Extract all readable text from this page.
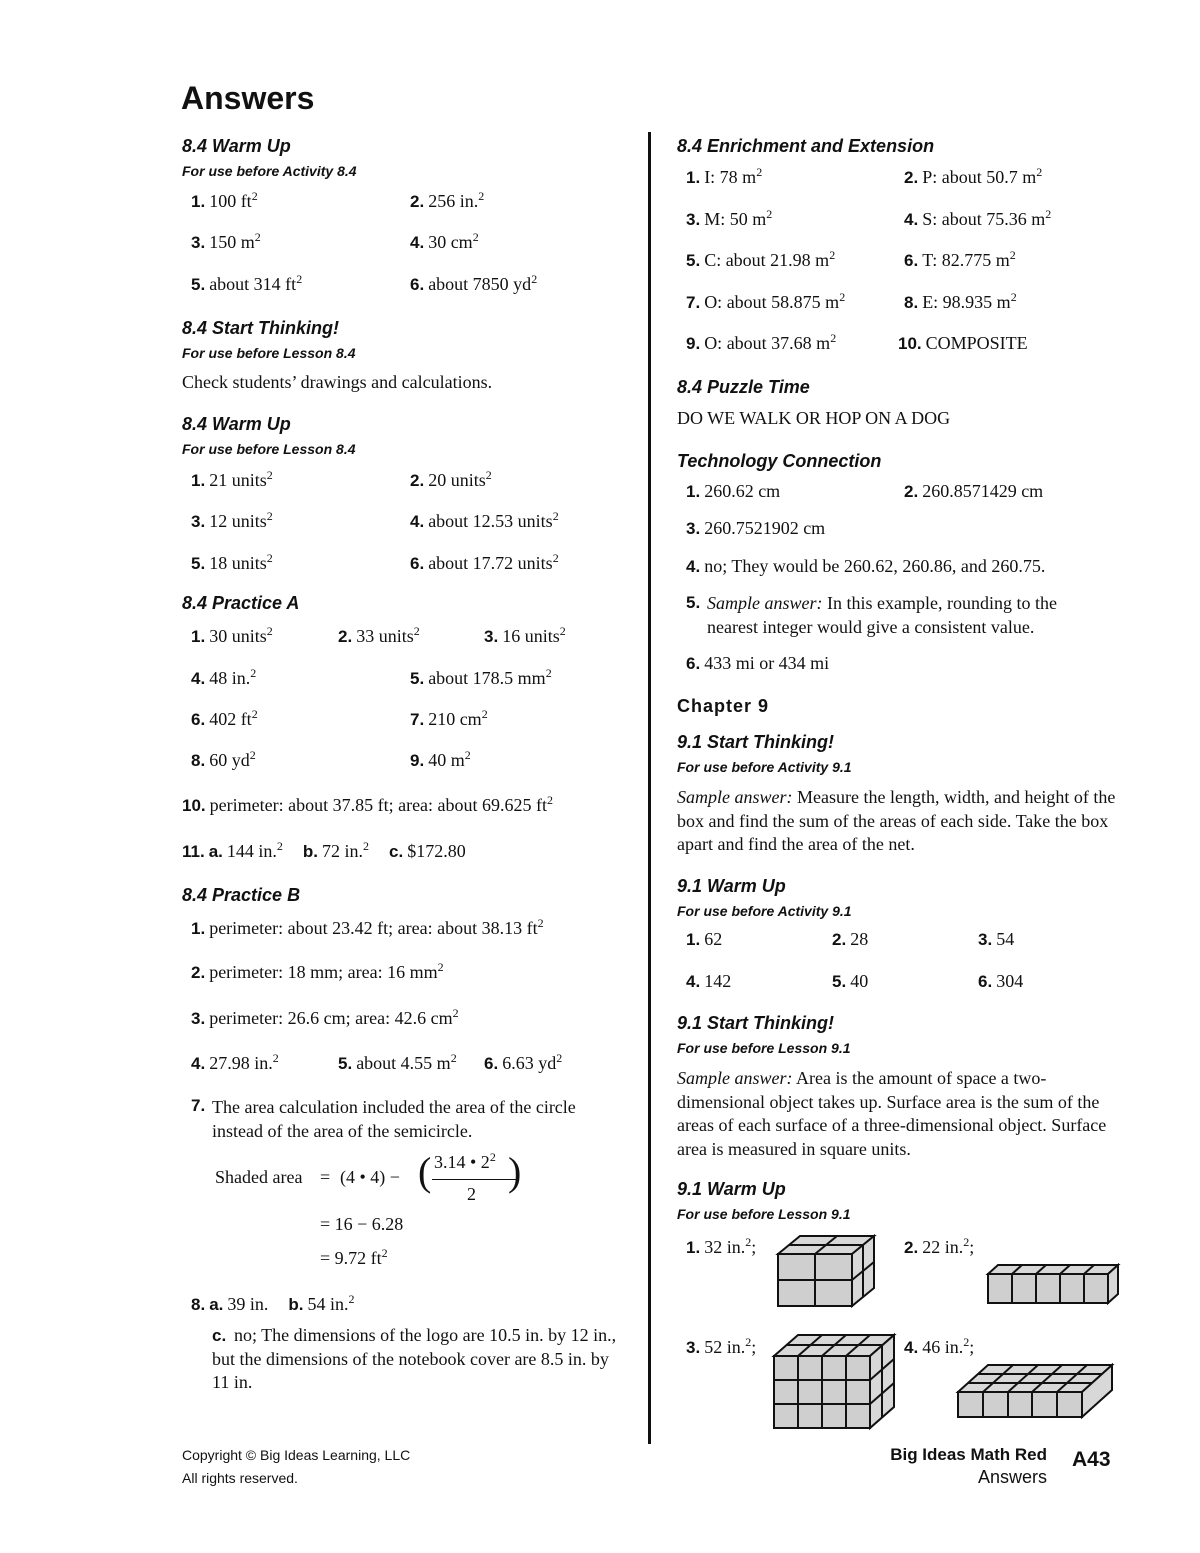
Answers
8.4 Warm Up
For use before Activity 8.4
1. 100 $ft^2$	2. 256 in.$^2$
3. 150 $m^2$	4. 30 $cm^2$
5. about 314 $ft^2$	6. about 7850 $yd^2$
8.4 Start Thinking!
For use before Lesson 8.4
Check students’ drawings and calculations.
8.4 Warm Up
For use before Lesson 8.4
1. 21 units$^2$	2. 20 units$^2$
3. 12 units$^2$	4. about 12.53 units$^2$
5. 18 units$^2$	6. about 17.72 units$^2$
8.4 Practice A
1. 30 units$^2$	2. 33 units$^2$	3. 16 units$^2$
4. 48 in.$^2$	5. about 178.5 $mm^2$
6. 402 $ft^2$	7. 210 $cm^2$
8. 60 $yd^2$	9. 40 $m^2$
10. perimeter: about 37.85 ft; area: about 69.625 $ft^2$
11. a. 144 in.$^2$ b. 72 in.$^2$ c. $172.80
8.4 Practice B
1. perimeter: about 23.42 ft; area: about 38.13 $ft^2$
2. perimeter: 18 mm; area: 16 $mm^2$
3. perimeter: 26.6 cm; area: 42.6 $cm^2$
4. 27.98 in.$^2$	5. about 4.55 $m^2$ 6. 6.63 $yd^2$
7. The area calculation included the area of the circle instead of the area of the semicircle.
Shaded area = (4 • 4) − ( 3.14 • $2^2$
2 )
= 16 − 6.28
= 9.72 $ft^2$
8. a. 39 in. b. 54 in.$^2$
c. no; The dimensions of the logo are 10.5 in. by 12 in., but the dimensions of the notebook cover are 8.5 in. by 11 in.
8.4 Enrichment and Extension
1. I: 78 $m^2$	2. P: about 50.7 $m^2$
3. M: 50 $m^2$	4. S: about 75.36 $m^2$
5. C: about 21.98 $m^2$	6. T: 82.775 $m^2$
7. O: about 58.875 $m^2$	8. E: 98.935 $m^2$
9. O: about 37.68 $m^2$	10. COMPOSITE
8.4 Puzzle Time
DO WE WALK OR HOP ON A DOG
Technology Connection
1. 260.62 cm	2. 260.8571429 cm
3. 260.7521902 cm
4. no; They would be 260.62, 260.86, and 260.75.
5. Sample answer: In this example, rounding to the nearest integer would give a consistent value.
6. 433 mi or 434 mi
Chapter 9
9.1 Start Thinking!
For use before Activity 9.1
Sample answer: Measure the length, width, and height of the box and find the sum of the areas of each side. Take the box apart and find the area of the net.
9.1 Warm Up
For use before Activity 9.1
1. 62	2. 28	3. 54
4. 142	5. 40	6. 304
9.1 Start Thinking!
For use before Lesson 9.1
Sample answer: Area is the amount of space a two-dimensional object takes up. Surface area is the sum of the areas of each surface of a three-dimensional object. Surface area is measured in square units.
9.1 Warm Up
For use before Lesson 9.1
1. 32 in.$^2$;	2. 22 in.$^2$;
3. 52 in.$^2$;	4. 46 in.$^2$;
Copyright © Big Ideas Learning, LLC
All rights reserved.
Big Ideas Math Red
Answers
A43
